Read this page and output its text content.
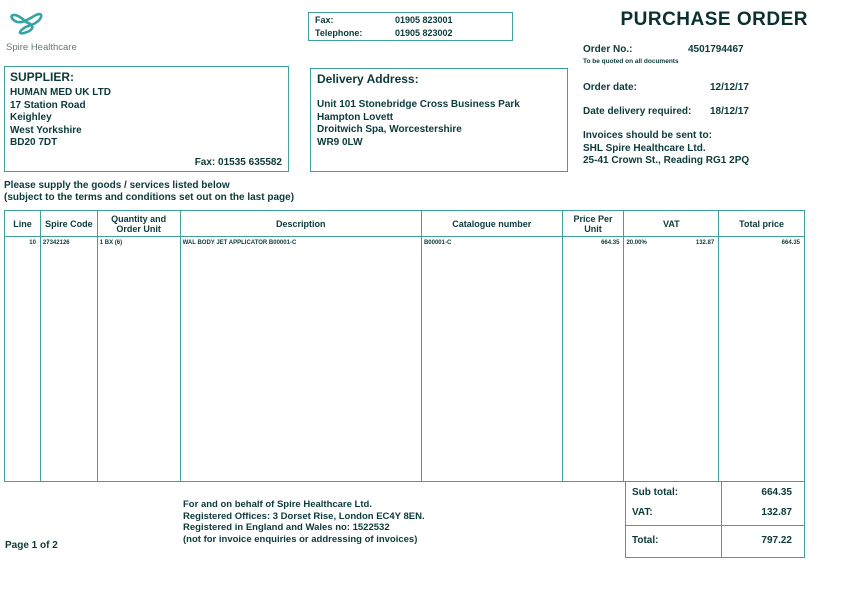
Spire Healthcare
Fax:	01905 823001
Telephone:	01905 823002
PURCHASE ORDER
Order No.:	4501794467
To be quoted on all documents
Order date:	12/12/17
Date delivery required:	18/12/17
Invoices should be sent to:
SHL Spire Healthcare Ltd.
25-41 Crown St., Reading RG1 2PQ
SUPPLIER:
HUMAN MED UK LTD
17 Station Road
Keighley
West Yorkshire
BD20 7DT
Fax: 01535 635582
Delivery Address:
Unit 101 Stonebridge Cross Business Park
Hampton Lovett
Droitwich Spa, Worcestershire
WR9 0LW
Please supply the goods / services listed below
(subject to the terms and conditions set out on the last page)
Line	Spire Code	Quantity and Order Unit	Description	Catalogue number	Price Per Unit	VAT	Total price
10	27342126	1 BX (6)	WAL BODY JET APPLICATOR B00001-C	B00001-C	664.35	20.00%	132.87	664.35
Sub total:	664.35
VAT:	132.87
Total:	797.22
For and on behalf of Spire Healthcare Ltd.
Registered Offices: 3 Dorset Rise, London EC4Y 8EN.
Registered in England and Wales no: 1522532
(not for invoice enquiries or addressing of invoices)
Page 1 of 2
